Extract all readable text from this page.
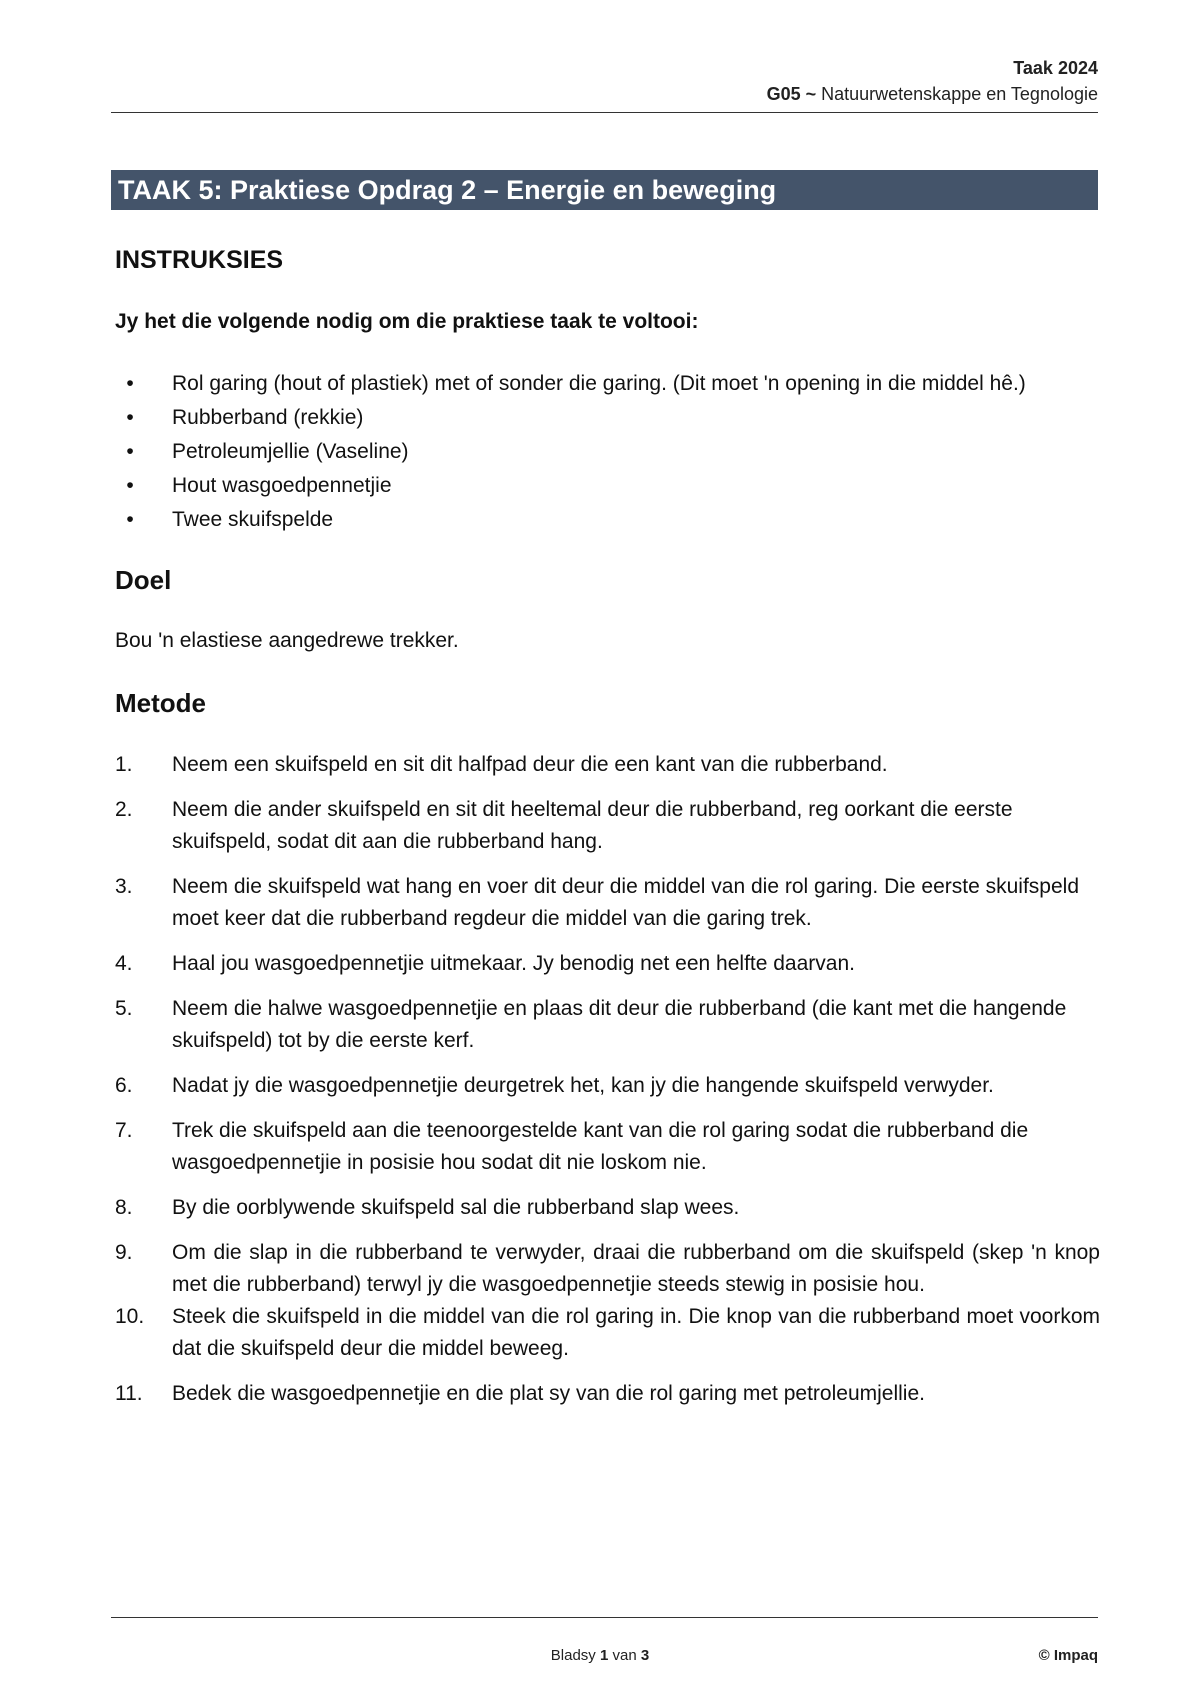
Taak 2024
G05 ~ Natuurwetenskappe en Tegnologie
TAAK 5: Praktiese Opdrag 2 – Energie en beweging
INSTRUKSIES
Jy het die volgende nodig om die praktiese taak te voltooi:
•	Rol garing (hout of plastiek) met of sonder die garing. (Dit moet 'n opening in die middel hê.)
•	Rubberband (rekkie)
•	Petroleumjellie (Vaseline)
•	Hout wasgoedpennetjie
•	Twee skuifspelde
Doel
Bou 'n elastiese aangedrewe trekker.
Metode
1. Neem een skuifspeld en sit dit halfpad deur die een kant van die rubberband.
2. Neem die ander skuifspeld en sit dit heeltemal deur die rubberband, reg oorkant die eerste skuifspeld, sodat dit aan die rubberband hang.
3. Neem die skuifspeld wat hang en voer dit deur die middel van die rol garing. Die eerste skuifspeld moet keer dat die rubberband regdeur die middel van die garing trek.
4. Haal jou wasgoedpennetjie uitmekaar. Jy benodig net een helfte daarvan.
5. Neem die halwe wasgoedpennetjie en plaas dit deur die rubberband (die kant met die hangende skuifspeld) tot by die eerste kerf.
6. Nadat jy die wasgoedpennetjie deurgetrek het, kan jy die hangende skuifspeld verwyder.
7. Trek die skuifspeld aan die teenoorgestelde kant van die rol garing sodat die rubberband die wasgoedpennetjie in posisie hou sodat dit nie loskom nie.
8. By die oorblywende skuifspeld sal die rubberband slap wees.
9. Om die slap in die rubberband te verwyder, draai die rubberband om die skuifspeld (skep 'n knop met die rubberband) terwyl jy die wasgoedpennetjie steeds stewig in posisie hou.
10. Steek die skuifspeld in die middel van die rol garing in. Die knop van die rubberband moet voorkom dat die skuifspeld deur die middel beweeg.
11. Bedek die wasgoedpennetjie en die plat sy van die rol garing met petroleumjellie.
Bladsy 1 van 3	© Impaq
